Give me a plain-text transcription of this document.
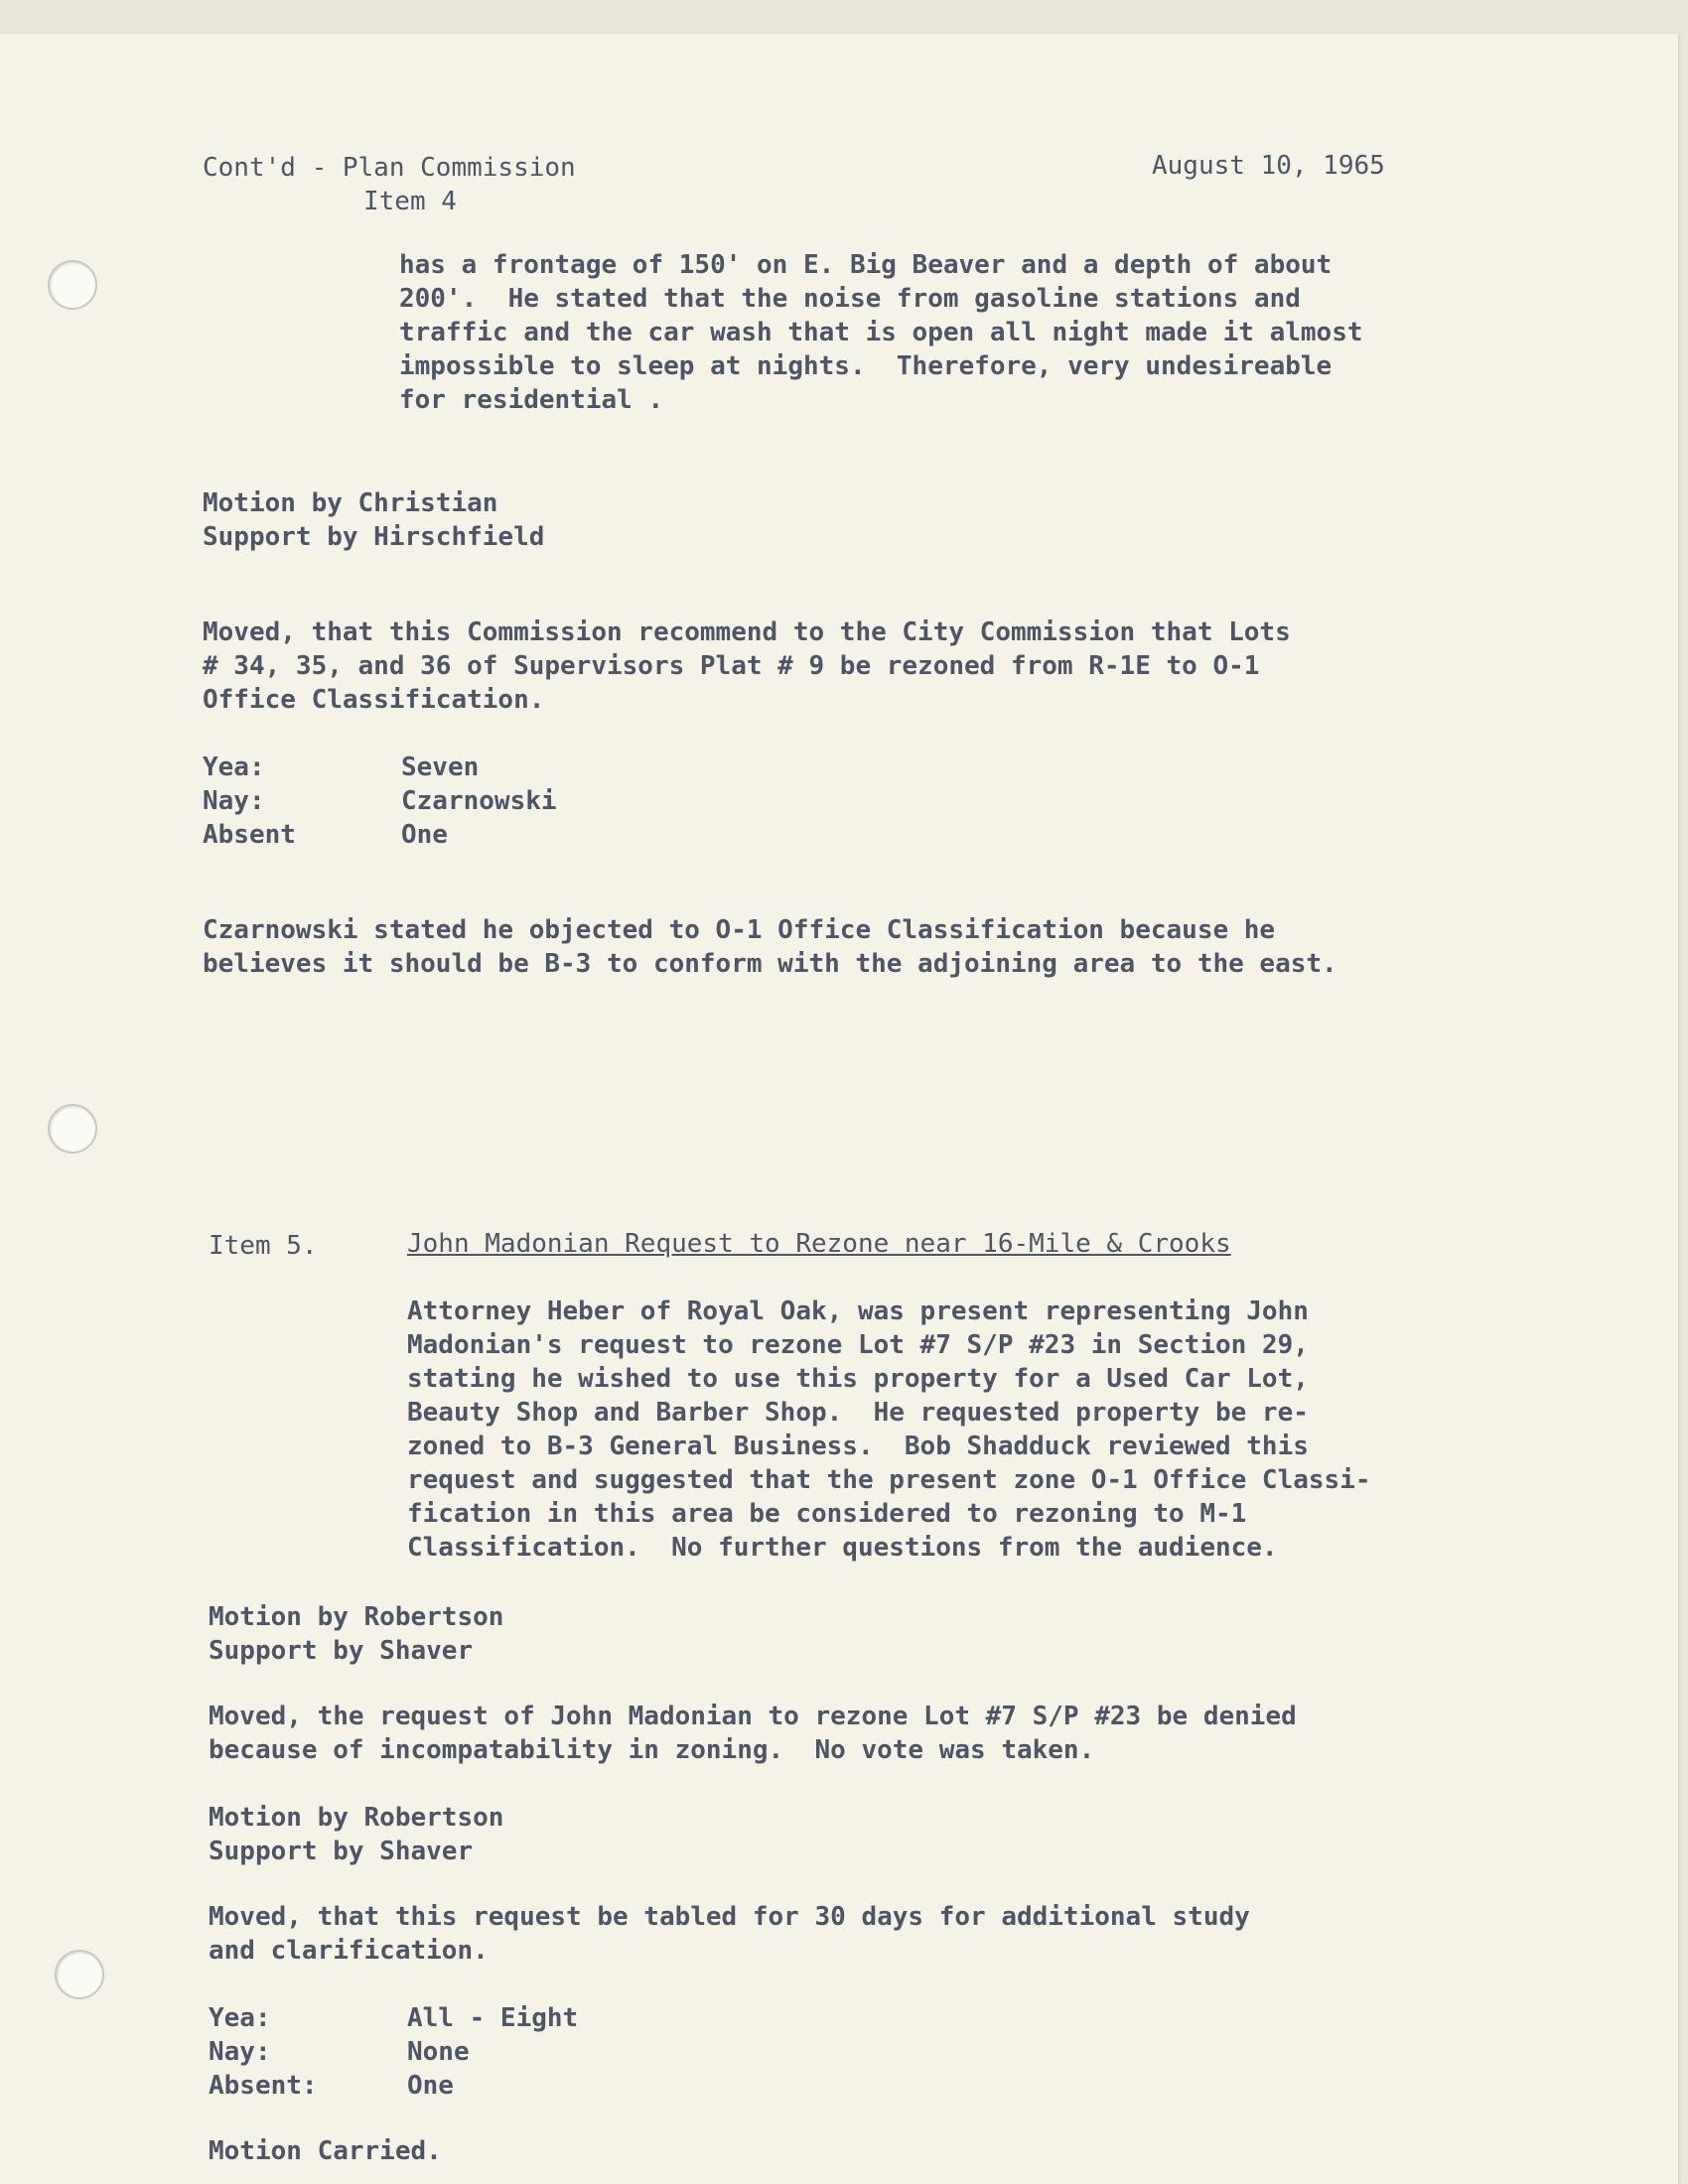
Cont'd - Plan Commission
Item 4
August 10, 1965
has a frontage of 150' on E. Big Beaver and a depth of about
200'.  He stated that the noise from gasoline stations and
traffic and the car wash that is open all night made it almost
impossible to sleep at nights.  Therefore, very undesireable
for residential .
Motion by Christian
Support by Hirschfield
Moved, that this Commission recommend to the City Commission that Lots
# 34, 35, and 36 of Supervisors Plat # 9 be rezoned from R-1E to O-1
Office Classification.
Yea:	Seven
Nay:	Czarnowski
Absent	One
Czarnowski stated he objected to O-1 Office Classification because he
believes it should be B-3 to conform with the adjoining area to the east.
Item 5.	John Madonian Request to Rezone near 16-Mile & Crooks
Attorney Heber of Royal Oak, was present representing John
Madonian's request to rezone Lot #7 S/P #23 in Section 29,
stating he wished to use this property for a Used Car Lot,
Beauty Shop and Barber Shop.  He requested property be re-
zoned to B-3 General Business.  Bob Shadduck reviewed this
request and suggested that the present zone O-1 Office Classi-
fication in this area be considered to rezoning to M-1
Classification.  No further questions from the audience.
Motion by Robertson
Support by Shaver
Moved, the request of John Madonian to rezone Lot #7 S/P #23 be denied
because of incompatability in zoning.  No vote was taken.
Motion by Robertson
Support by Shaver
Moved, that this request be tabled for 30 days for additional study
and clarification.
Yea:	All - Eight
Nay:	None
Absent:	One
Motion Carried.
